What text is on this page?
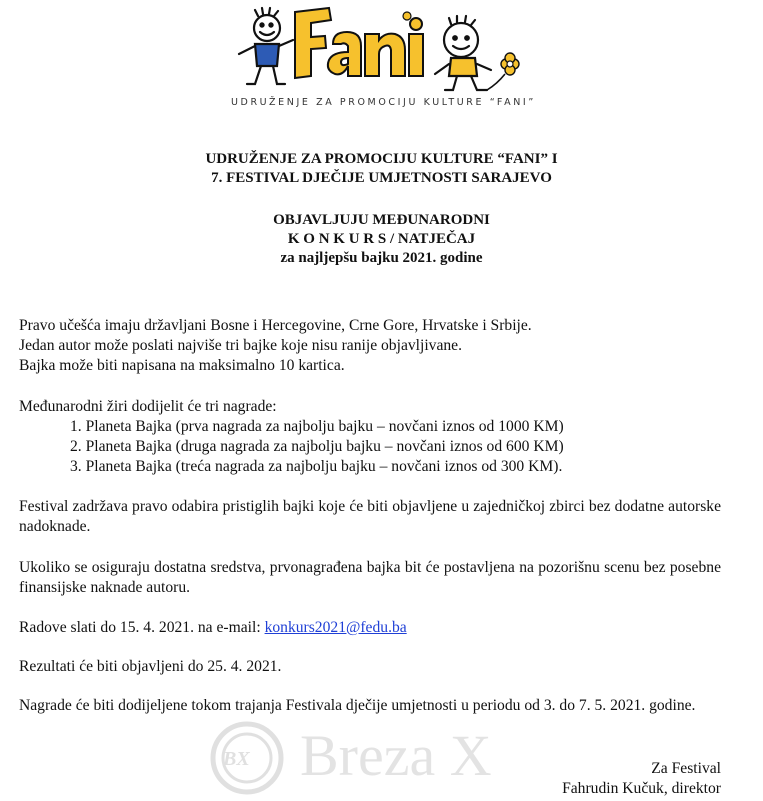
UDRUŽENJE ZA PROMOCIJU KULTURE “FANI”
UDRUŽENJE ZA PROMOCIJU KULTURE “FANI” I
7. FESTIVAL DJEČIJE UMJETNOSTI SARAJEVO
OBJAVLJUJU MEĐUNARODNI
K O N K U R S / NATJEČAJ
za najljepšu bajku 2021. godine
Pravo učešća imaju državljani Bosne i Hercegovine, Crne Gore, Hrvatske i Srbije.
Jedan autor može poslati najviše tri bajke koje nisu ranije objavljivane.
Bajka može biti napisana na maksimalno 10 kartica.
Međunarodni žiri dodijelit će tri nagrade:
1. Planeta Bajka (prva nagrada za najbolju bajku – novčani iznos od 1000 KM)
2. Planeta Bajka (druga nagrada za najbolju bajku – novčani iznos od 600 KM)
3. Planeta Bajka (treća nagrada za najbolju bajku – novčani iznos od 300 KM).
Festival zadržava pravo odabira pristiglih bajki koje će biti objavljene u zajedničkoj zbirci bez dodatne autorske nadoknade.
Ukoliko se osiguraju dostatna sredstva, prvonagrađena bajka bit će postavljena na pozorišnu scenu bez posebne finansijske naknade autoru.
Radove slati do 15. 4. 2021. na e-mail: konkurs2021@fedu.ba
Rezultati će biti objavljeni do 25. 4. 2021.
Nagrade će biti dodijeljene tokom trajanja Festivala dječije umjetnosti u periodu od 3. do 7. 5. 2021. godine.
BX Breza X	Za Festival
Fahrudin Kučuk, direktor
